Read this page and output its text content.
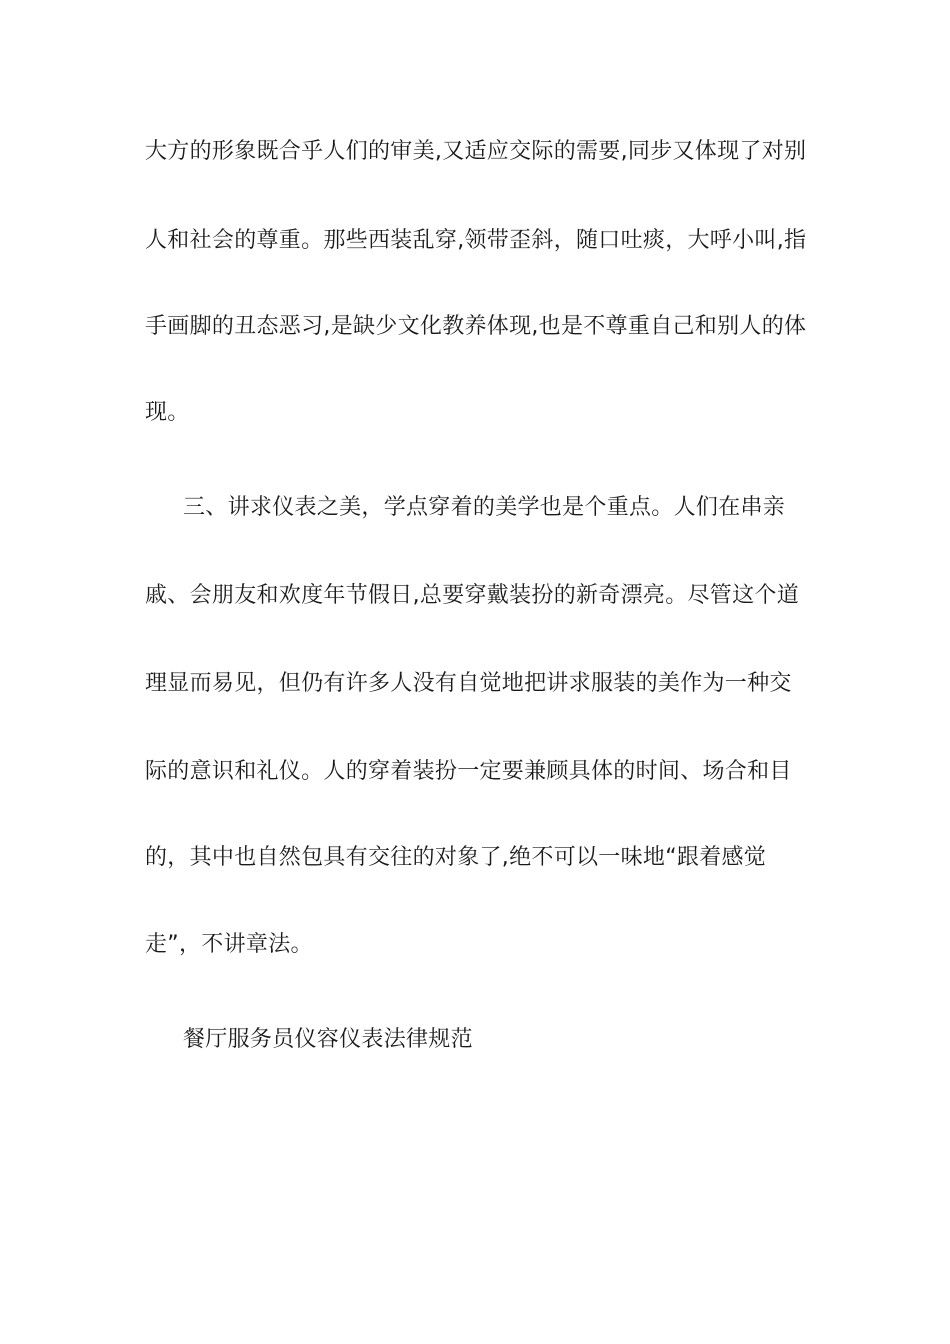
大方的形象既合乎人们的审美,又适应交际的需要,同步又体现了对别
人和社会的尊重。那些西装乱穿,领带歪斜，随口吐痰，大呼小叫,指
手画脚的丑态恶习,是缺少文化教养体现,也是不尊重自己和别人的体
现。
三、讲求仪表之美，学点穿着的美学也是个重点。人们在串亲
戚、会朋友和欢度年节假日,总要穿戴装扮的新奇漂亮。尽管这个道
理显而易见，但仍有许多人没有自觉地把讲求服装的美作为一种交
际的意识和礼仪。人的穿着装扮一定要兼顾具体的时间、场合和目
的，其中也自然包具有交往的对象了,绝不可以一味地“跟着感觉
走”，不讲章法。
餐厅服务员仪容仪表法律规范
